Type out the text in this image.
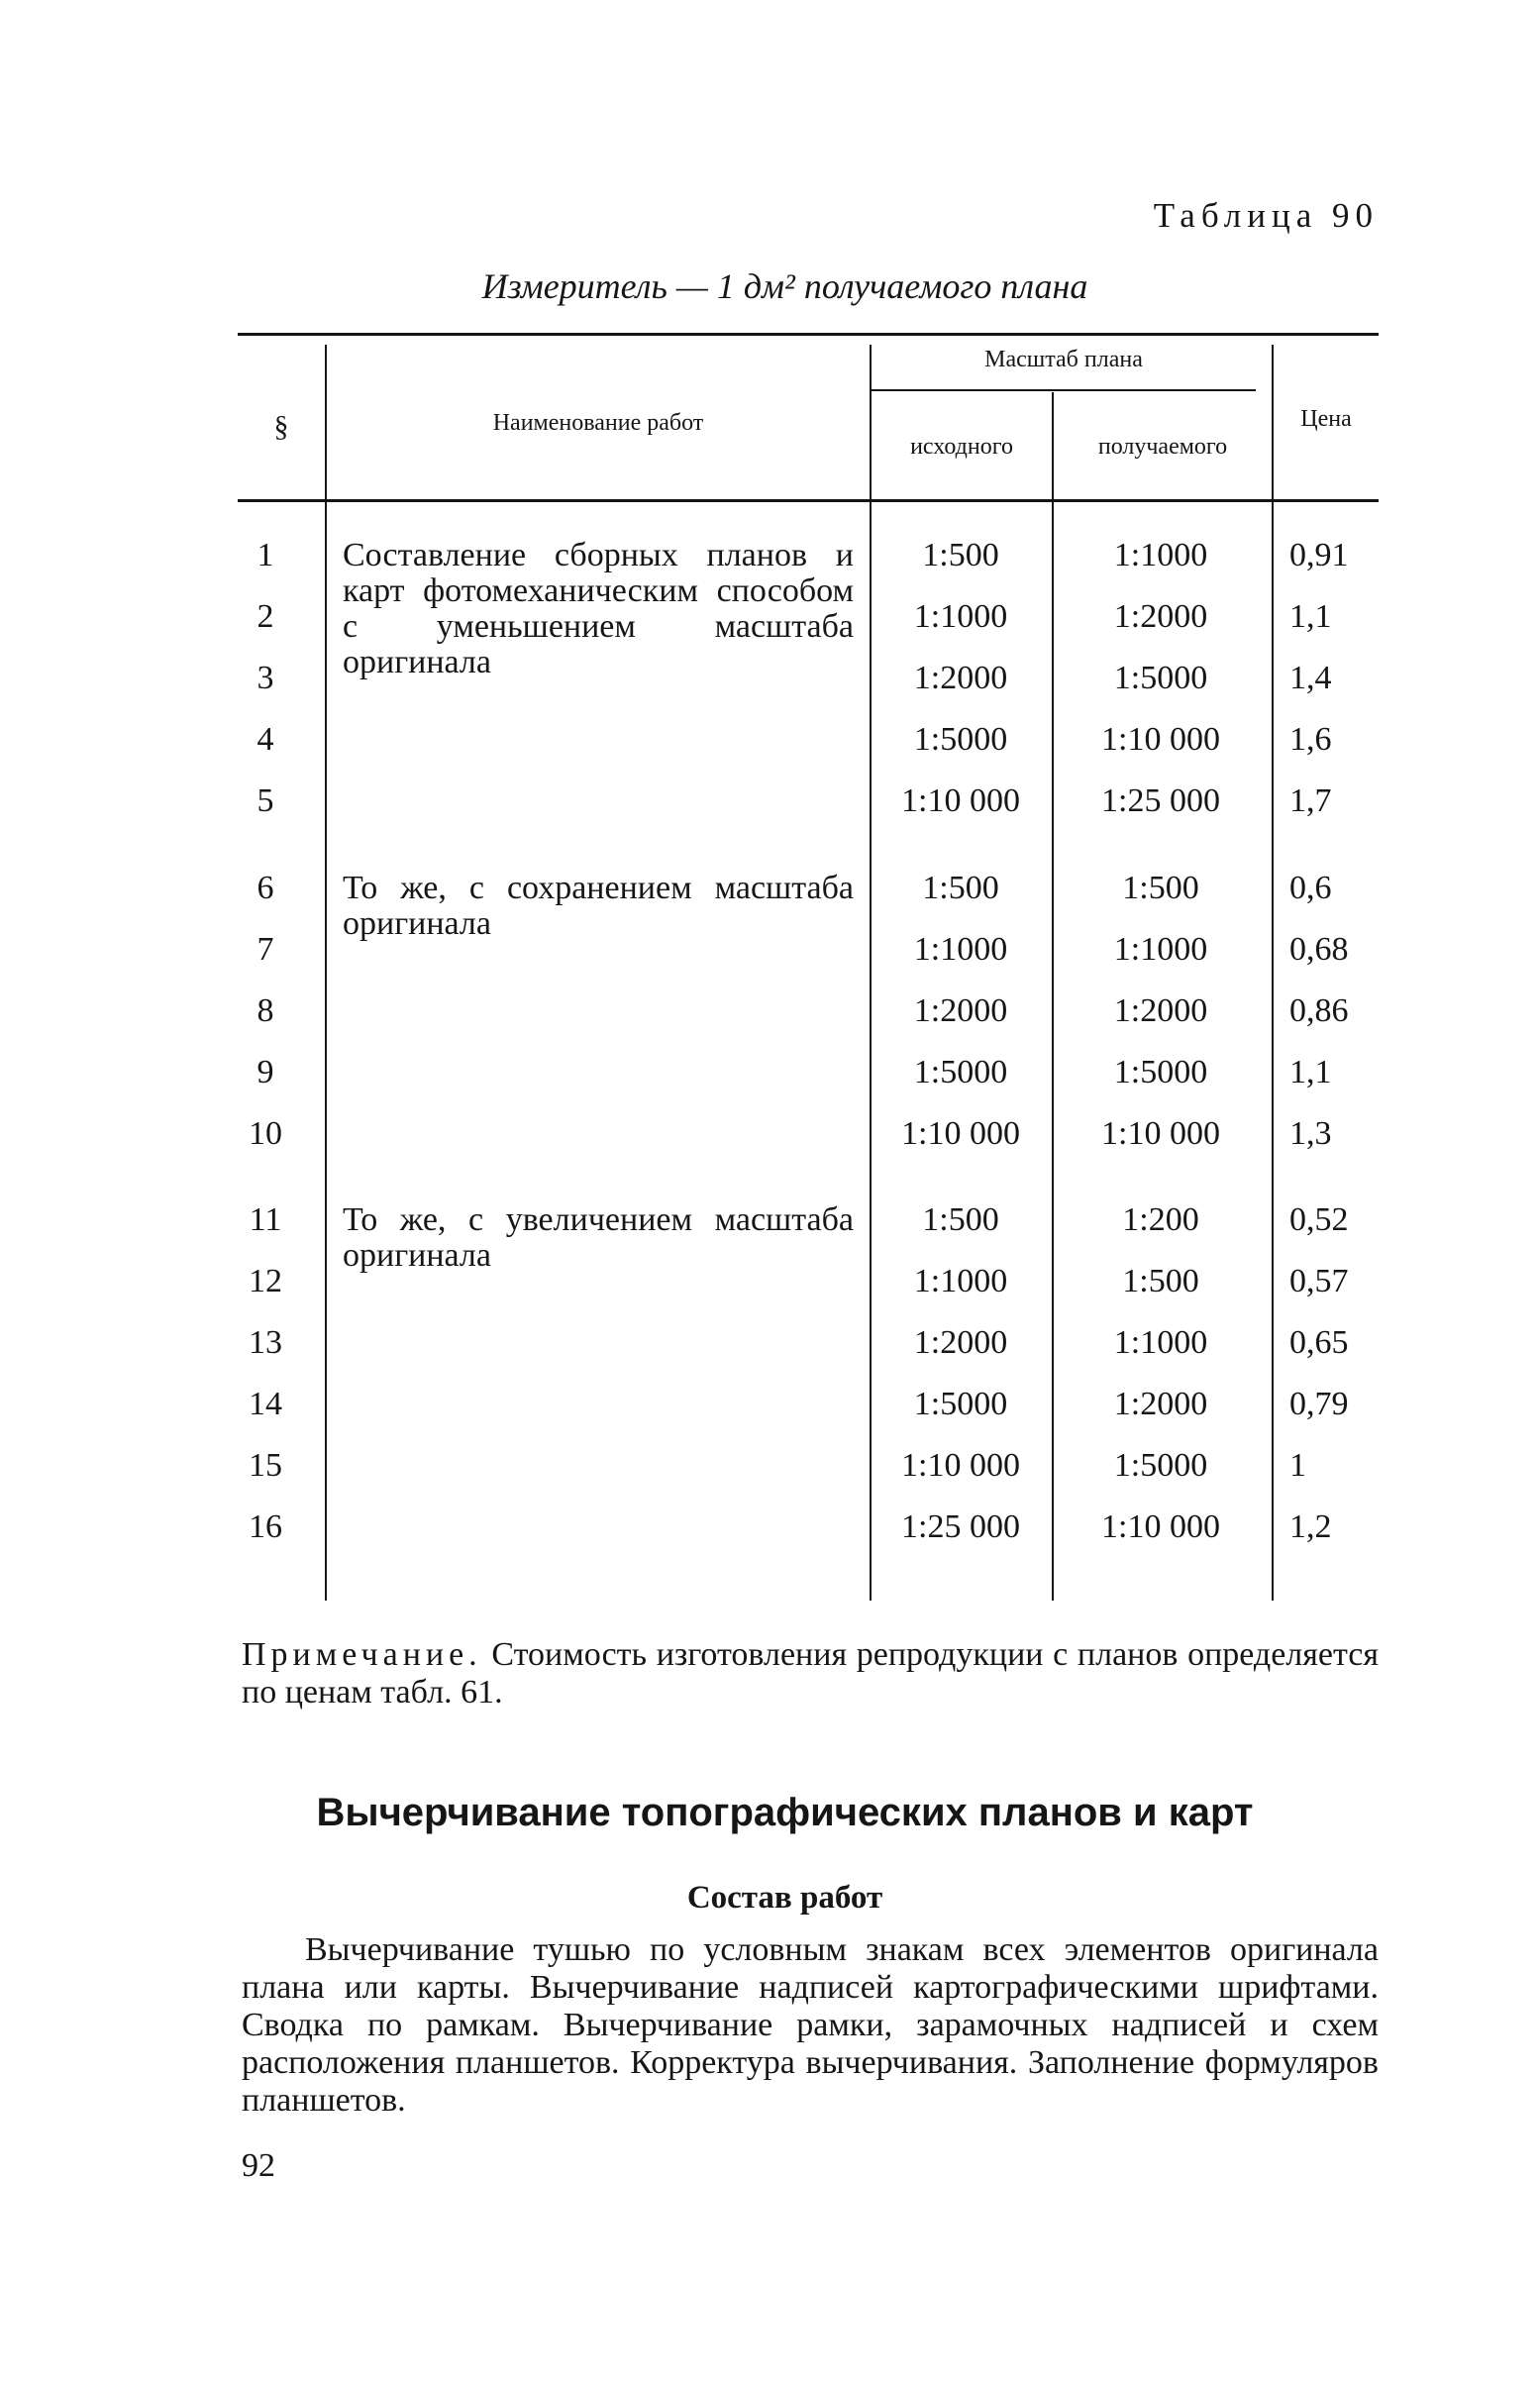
Таблица 90
Измеритель — 1 дм² получаемого плана
§	Наименование работ
Масштаб плана
исходного	получаемого
Цена
Составление сборных планов и карт фотомеханическим способом с уменьшением масштаба оригинала
1	1:500	1:1000	0,91
2	1:1000	1:2000	1,1
3	1:2000	1:5000	1,4
4	1:5000	1:10 000	1,6
5	1:10 000	1:25 000	1,7
То же, с сохранением масштаба оригинала
6	1:500	1:500	0,6
7	1:1000	1:1000	0,68
8	1:2000	1:2000	0,86
9	1:5000	1:5000	1,1
10	1:10 000	1:10 000	1,3
То же, с увеличением масштаба оригинала
11	1:500	1:200	0,52
12	1:1000	1:500	0,57
13	1:2000	1:1000	0,65
14	1:5000	1:2000	0,79
15	1:10 000	1:5000	1
16	1:25 000	1:10 000	1,2
Примечание. Стоимость изготовления репродукции с планов определяется по ценам табл. 61.
Вычерчивание топографических планов и карт
Состав работ
Вычерчивание тушью по условным знакам всех элементов оригинала плана или карты. Вычерчивание надписей картографическими шрифтами. Сводка по рамкам. Вычерчивание рамки, зарамочных надписей и схем расположения планшетов. Корректура вычерчивания. Заполнение формуляров планшетов.
92
